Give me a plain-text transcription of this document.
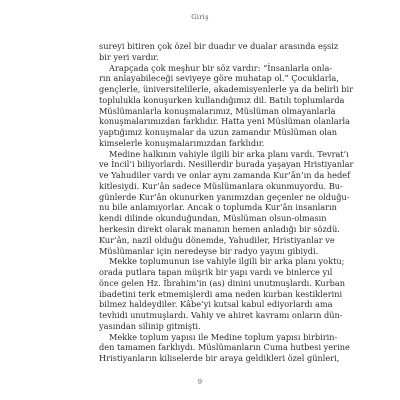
Giriş
sureyi bitiren çok özel bir duadır ve dualar arasında eşsiz
bir yeri vardır.
Arapçada çok meşhur bir söz vardır: “İnsanlarla onla-
rın anlayabileceği seviyeye göre muhatap ol.” Çocuklarla,
gençlerle, üniversitelilerle, akademisyenlerle ya da belirli bir
toplulukla konuşurken kullandığımız dil. Batılı toplumlarda
Müslümanlarla konuşmalarımız, Müslüman olmayanlarla
konuşmalarımızdan farklıdır. Hatta yeni Müslüman olanlarla
yaptığımız konuşmalar da uzun zamandır Müslüman olan
kimselerle konuşmalarımızdan farklıdır.
Medine halkının vahiyle ilgili bir arka planı vardı. Tevrat’ı
ve İncil’i biliyorlardı. Nesillerdir burada yaşayan Hristiyanlar
ve Yahudiler vardı ve onlar aynı zamanda Kur’ân’ın da hedef
kitlesiydi. Kur’ân sadece Müslümanlara okunmuyordu. Bu-
günlerde Kur’ân okunurken yanımızdan geçenler ne olduğu-
nu bile anlamıyorlar. Ancak o toplumda Kur’ân insanların
kendi dilinde okunduğundan, Müslüman olsun-olmasın
herkesin direkt olarak mananın hemen anladığı bir sözdü.
Kur’ân, nazil olduğu dönemde, Yahudiler, Hristiyanlar ve
Müslümanlar için neredeyse bir radyo yayını gibiydi.
Mekke toplumunun ise vahiyle ilgili bir arka planı yoktu;
orada putlara tapan müşrik bir yapı vardı ve binlerce yıl
önce gelen Hz. İbrahim’in (as) dinini unutmuşlardı. Kurban
ibadetini terk etmemişlerdi ama neden kurban kestiklerini
bilmez haldeydiler. Kâbe’yi kutsal kabul ediyorlardı ama
tevhidi unutmuşlardı. Vahiy ve ahiret kavramı onların dün-
yasından silinip gitmişti.
Mekke toplum yapısı ile Medine toplum yapısı birbirin-
den tamamen farklıydı. Müslümanların Cuma hutbesi yerine
Hristiyanların kiliselerde bir araya geldikleri özel günleri,
9
